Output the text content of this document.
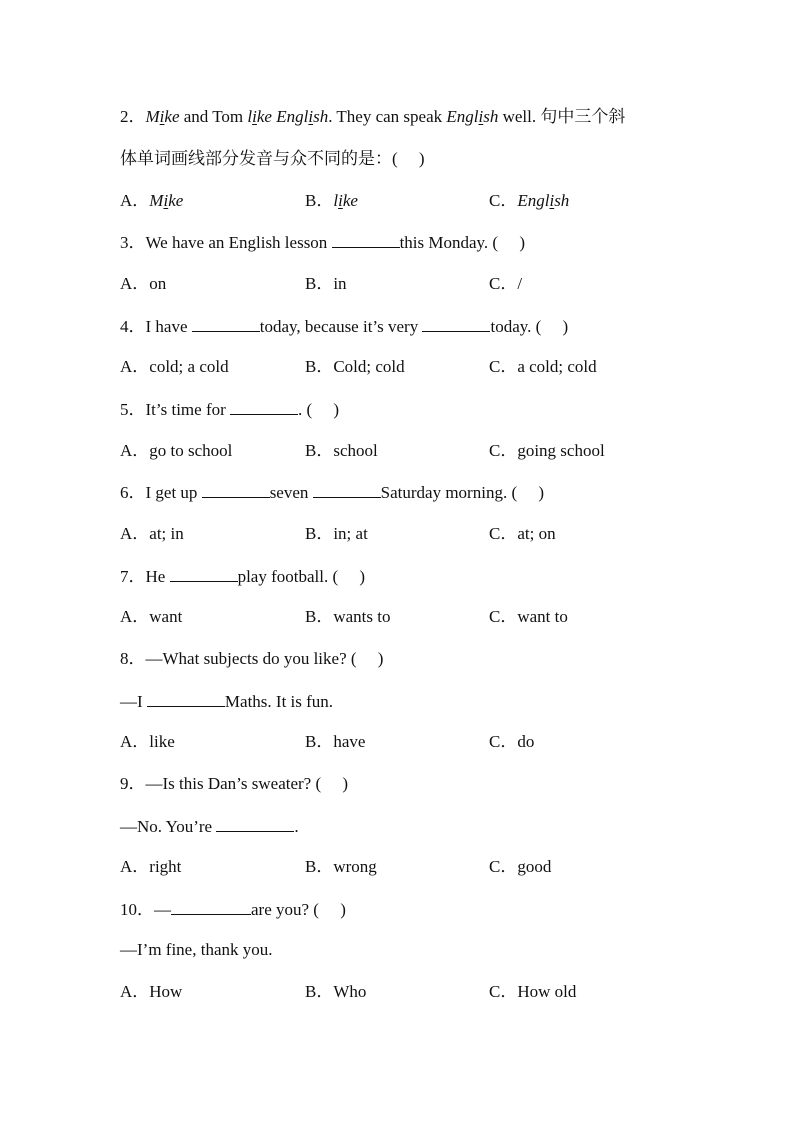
2．Mike and Tom like English. They can speak English well. 句中三个斜
体单词画线部分发音与众不同的是：(　 )
A．Mike	B．like	C．English
3．We have an English lesson	this Monday. (　 )
A．on	B．in	C．/
4．I have	today, because it’s very	today. (　 )
A．cold; a cold	B．Cold; cold	C．a cold; cold
5．It’s time for	. (　 )
A．go to school	B．school	C．going school
6．I get up	seven	Saturday morning. (　 )
A．at; in	B．in; at	C．at; on
7．He	play football. (　 )
A．want	B．wants to	C．want to
8．—What subjects do you like? (　 )
—I	Maths. It is fun.
A．like	B．have	C．do
9．—Is this Dan’s sweater? (　 )
—No. You’re	.
A．right	B．wrong	C．good
10．—	are you? (　 )
—I’m fine, thank you.
A．How	B．Who	C．How old
